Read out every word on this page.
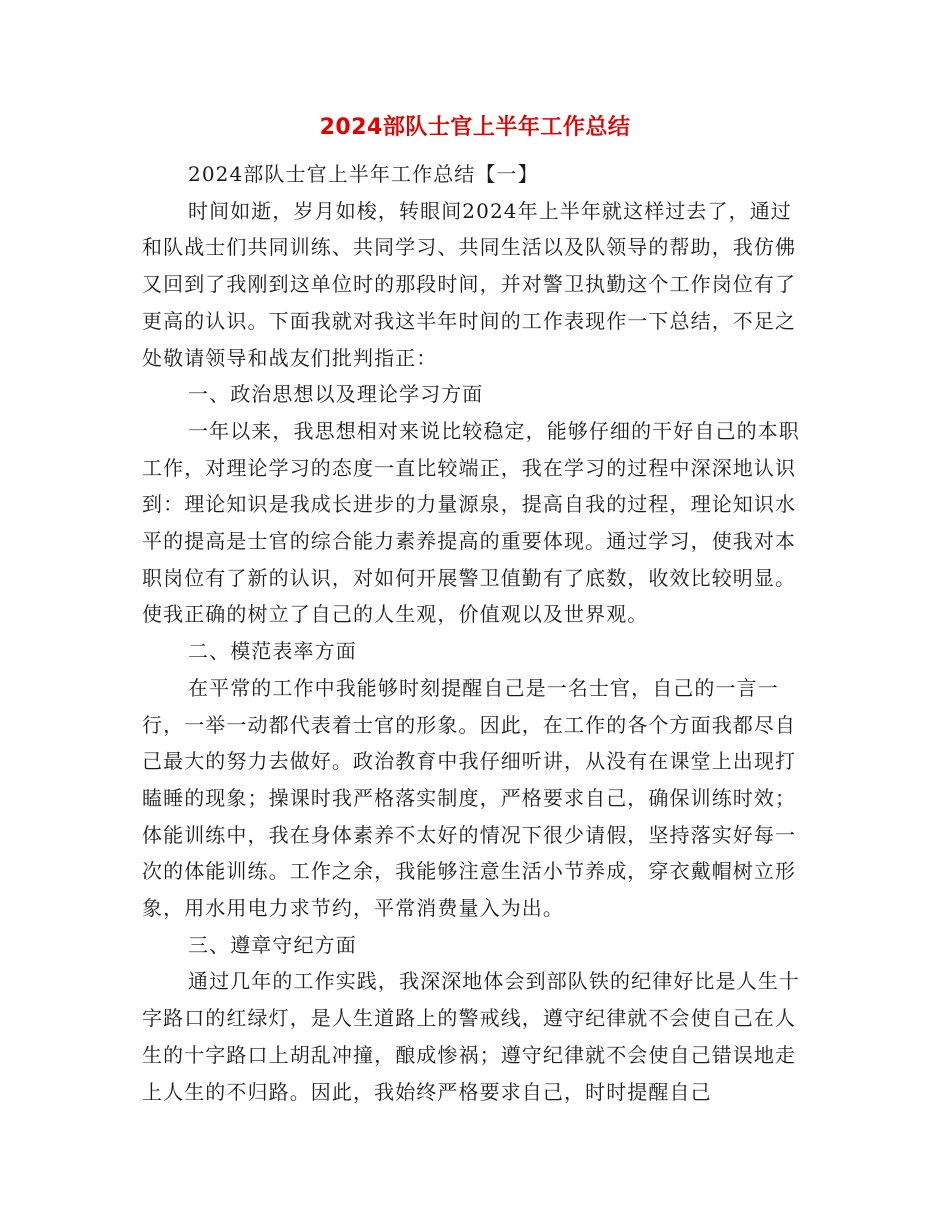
2024部队士官上半年工作总结

2024部队士官上半年工作总结【一】

时间如逝，岁月如梭，转眼间2024年上半年就这样过去了，通过和队战士们共同训练、共同学习、共同生活以及队领导的帮助，我仿佛又回到了我刚到这单位时的那段时间，并对警卫执勤这个工作岗位有了更高的认识。下面我就对我这半年时间的工作表现作一下总结，不足之处敬请领导和战友们批判指正：

一、政治思想以及理论学习方面

一年以来，我思想相对来说比较稳定，能够仔细的干好自己的本职工作，对理论学习的态度一直比较端正，我在学习的过程中深深地认识到：理论知识是我成长进步的力量源泉，提高自我的过程，理论知识水平的提高是士官的综合能力素养提高的重要体现。通过学习，使我对本职岗位有了新的认识，对如何开展警卫值勤有了底数，收效比较明显。使我正确的树立了自己的人生观，价值观以及世界观。

二、模范表率方面

在平常的工作中我能够时刻提醒自己是一名士官，自己的一言一行，一举一动都代表着士官的形象。因此，在工作的各个方面我都尽自己最大的努力去做好。政治教育中我仔细听讲，从没有在课堂上出现打瞌睡的现象；操课时我严格落实制度，严格要求自己，确保训练时效；体能训练中，我在身体素养不太好的情况下很少请假，坚持落实好每一次的体能训练。工作之余，我能够注意生活小节养成，穿衣戴帽树立形象，用水用电力求节约，平常消费量入为出。

三、遵章守纪方面

通过几年的工作实践，我深深地体会到部队铁的纪律好比是人生十字路口的红绿灯，是人生道路上的警戒线，遵守纪律就不会使自己在人生的十字路口上胡乱冲撞，酿成惨祸；遵守纪律就不会使自己错误地走上人生的不归路。因此，我始终严格要求自己，时时提醒自己
